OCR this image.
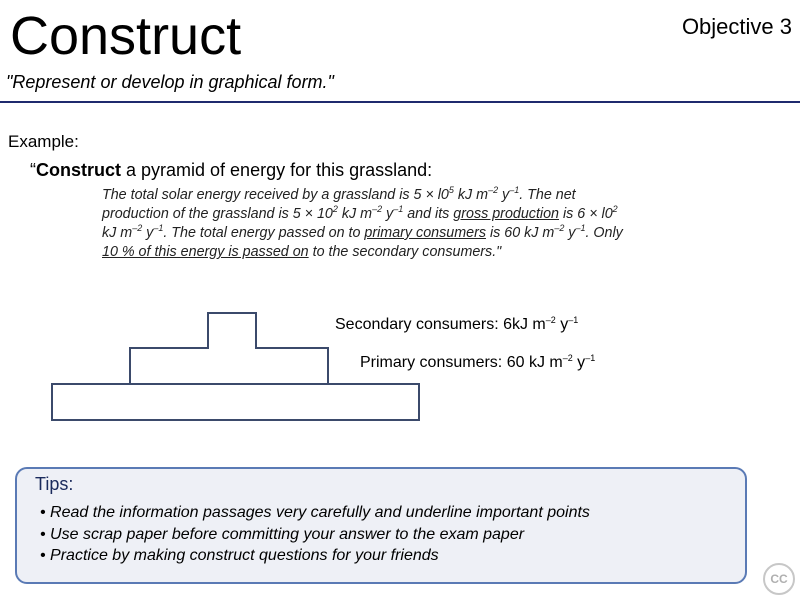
Construct	Objective 3
"Represent or develop in graphical form."
Example:
“Construct a pyramid of energy for this grassland:
The total solar energy received by a grassland is $5 \times l0^5$ kJ $m^{-2}$ $y^{-1}$. The net production of the grassland is $5 \times 10^2$ kJ $m^{-2}$ $y^{-1}$ and its gross production is $6 \times l0^2$ kJ $m^{-2}$ $y^{-1}$. The total energy passed on to primary consumers is 60 kJ $m^{-2}$ $y^{-1}$. Only 10 % of this energy is passed on to the secondary consumers."
Secondary consumers: 6kJ $m^{-2}$ $y^{-1}$
Primary consumers: 60 kJ $m^{-2}$ $y^{-1}$
Tips:
• Read the information passages very carefully and underline important points
• Use scrap paper before committing your answer to the exam paper
• Practice by making construct questions for your friends
CC
